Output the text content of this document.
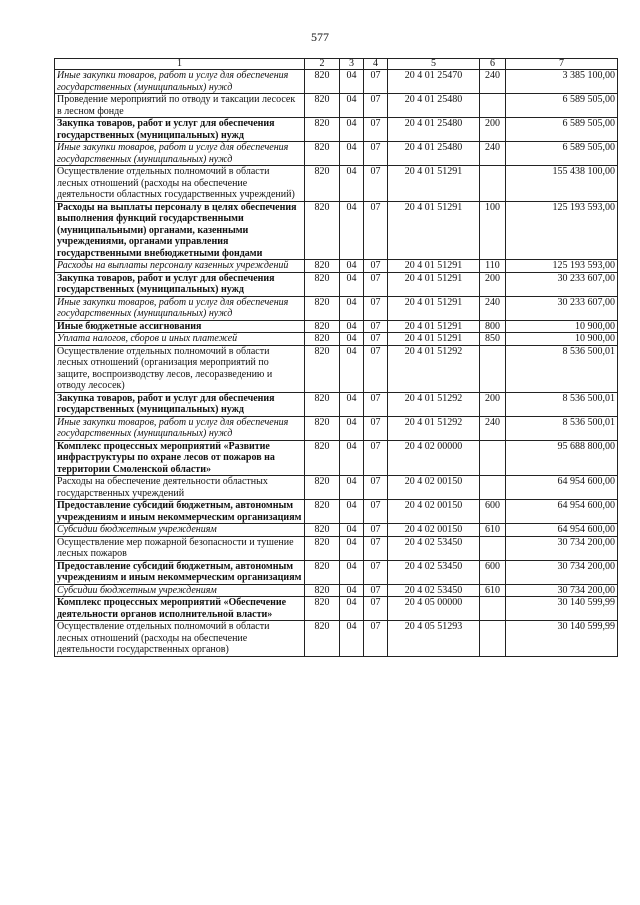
577
1	2	3	4	5	6	7
Иные закупки товаров, работ и услуг для обеспечения государственных (муниципальных) нужд	820	04	07	20 4 01 25470	240	3 385 100,00
Проведение мероприятий по отводу и таксации лесосек в лесном фонде	820	04	07	20 4 01 25480		6 589 505,00
Закупка товаров, работ и услуг для обеспечения государственных (муниципальных) нужд	820	04	07	20 4 01 25480	200	6 589 505,00
Иные закупки товаров, работ и услуг для обеспечения государственных (муниципальных) нужд	820	04	07	20 4 01 25480	240	6 589 505,00
Осуществление отдельных полномочий в области лесных отношений (расходы на обеспечение деятельности областных государственных учреждений)	820	04	07	20 4 01 51291		155 438 100,00
Расходы на выплаты персоналу в целях обеспечения выполнения функций государственными (муниципальными) органами, казенными учреждениями, органами управления государственными внебюджетными фондами	820	04	07	20 4 01 51291	100	125 193 593,00
Расходы на выплаты персоналу казенных учреждений	820	04	07	20 4 01 51291	110	125 193 593,00
Закупка товаров, работ и услуг для обеспечения государственных (муниципальных) нужд	820	04	07	20 4 01 51291	200	30 233 607,00
Иные закупки товаров, работ и услуг для обеспечения государственных (муниципальных) нужд	820	04	07	20 4 01 51291	240	30 233 607,00
Иные бюджетные ассигнования	820	04	07	20 4 01 51291	800	10 900,00
Уплата налогов, сборов и иных платежей	820	04	07	20 4 01 51291	850	10 900,00
Осуществление отдельных полномочий в области лесных отношений (организация мероприятий по защите, воспроизводству лесов, лесоразведению и отводу лесосек)	820	04	07	20 4 01 51292		8 536 500,01
Закупка товаров, работ и услуг для обеспечения государственных (муниципальных) нужд	820	04	07	20 4 01 51292	200	8 536 500,01
Иные закупки товаров, работ и услуг для обеспечения государственных (муниципальных) нужд	820	04	07	20 4 01 51292	240	8 536 500,01
Комплекс процессных мероприятий «Развитие инфраструктуры по охране лесов от пожаров на территории Смоленской области»	820	04	07	20 4 02 00000		95 688 800,00
Расходы на обеспечение деятельности областных государственных учреждений	820	04	07	20 4 02 00150		64 954 600,00
Предоставление субсидий бюджетным, автономным учреждениям и иным некоммерческим организациям	820	04	07	20 4 02 00150	600	64 954 600,00
Субсидии бюджетным учреждениям	820	04	07	20 4 02 00150	610	64 954 600,00
Осуществление мер пожарной безопасности и тушение лесных пожаров	820	04	07	20 4 02 53450		30 734 200,00
Предоставление субсидий бюджетным, автономным учреждениям и иным некоммерческим организациям	820	04	07	20 4 02 53450	600	30 734 200,00
Субсидии бюджетным учреждениям	820	04	07	20 4 02 53450	610	30 734 200,00
Комплекс процессных мероприятий «Обеспечение деятельности органов исполнительной власти»	820	04	07	20 4 05 00000		30 140 599,99
Осуществление отдельных полномочий в области лесных отношений (расходы на обеспечение деятельности государственных органов)	820	04	07	20 4 05 51293		30 140 599,99
